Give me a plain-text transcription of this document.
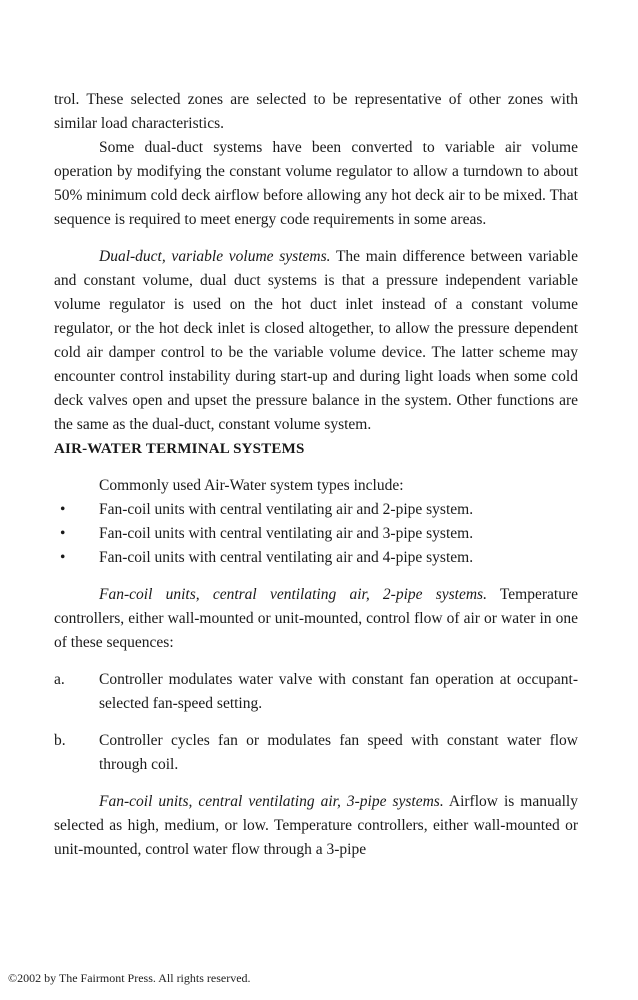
trol. These selected zones are selected to be representative of other zones with similar load characteristics.

Some dual-duct systems have been converted to variable air volume operation by modifying the constant volume regulator to allow a turndown to about 50% minimum cold deck airflow before allowing any hot deck air to be mixed. That sequence is required to meet energy code requirements in some areas.

Dual-duct, variable volume systems. The main difference between variable and constant volume, dual duct systems is that a pressure independent variable volume regulator is used on the hot duct inlet instead of a constant volume regulator, or the hot deck inlet is closed altogether, to allow the pressure dependent cold air damper control to be the variable volume device. The latter scheme may encounter control instability during start-up and during light loads when some cold deck valves open and upset the pressure balance in the system. Other functions are the same as the dual-duct, constant volume system.

AIR-WATER TERMINAL SYSTEMS

Commonly used Air-Water system types include:

•	Fan-coil units with central ventilating air and 2-pipe system.
•	Fan-coil units with central ventilating air and 3-pipe system.
•	Fan-coil units with central ventilating air and 4-pipe system.

Fan-coil units, central ventilating air, 2-pipe systems. Temperature controllers, either wall-mounted or unit-mounted, control flow of air or water in one of these sequences:

a.	Controller modulates water valve with constant fan operation at occupant-selected fan-speed setting.
b.	Controller cycles fan or modulates fan speed with constant water flow through coil.

Fan-coil units, central ventilating air, 3-pipe systems. Airflow is manually selected as high, medium, or low. Temperature controllers, either wall-mounted or unit-mounted, control water flow through a 3-pipe

©2002 by The Fairmont Press. All rights reserved.
